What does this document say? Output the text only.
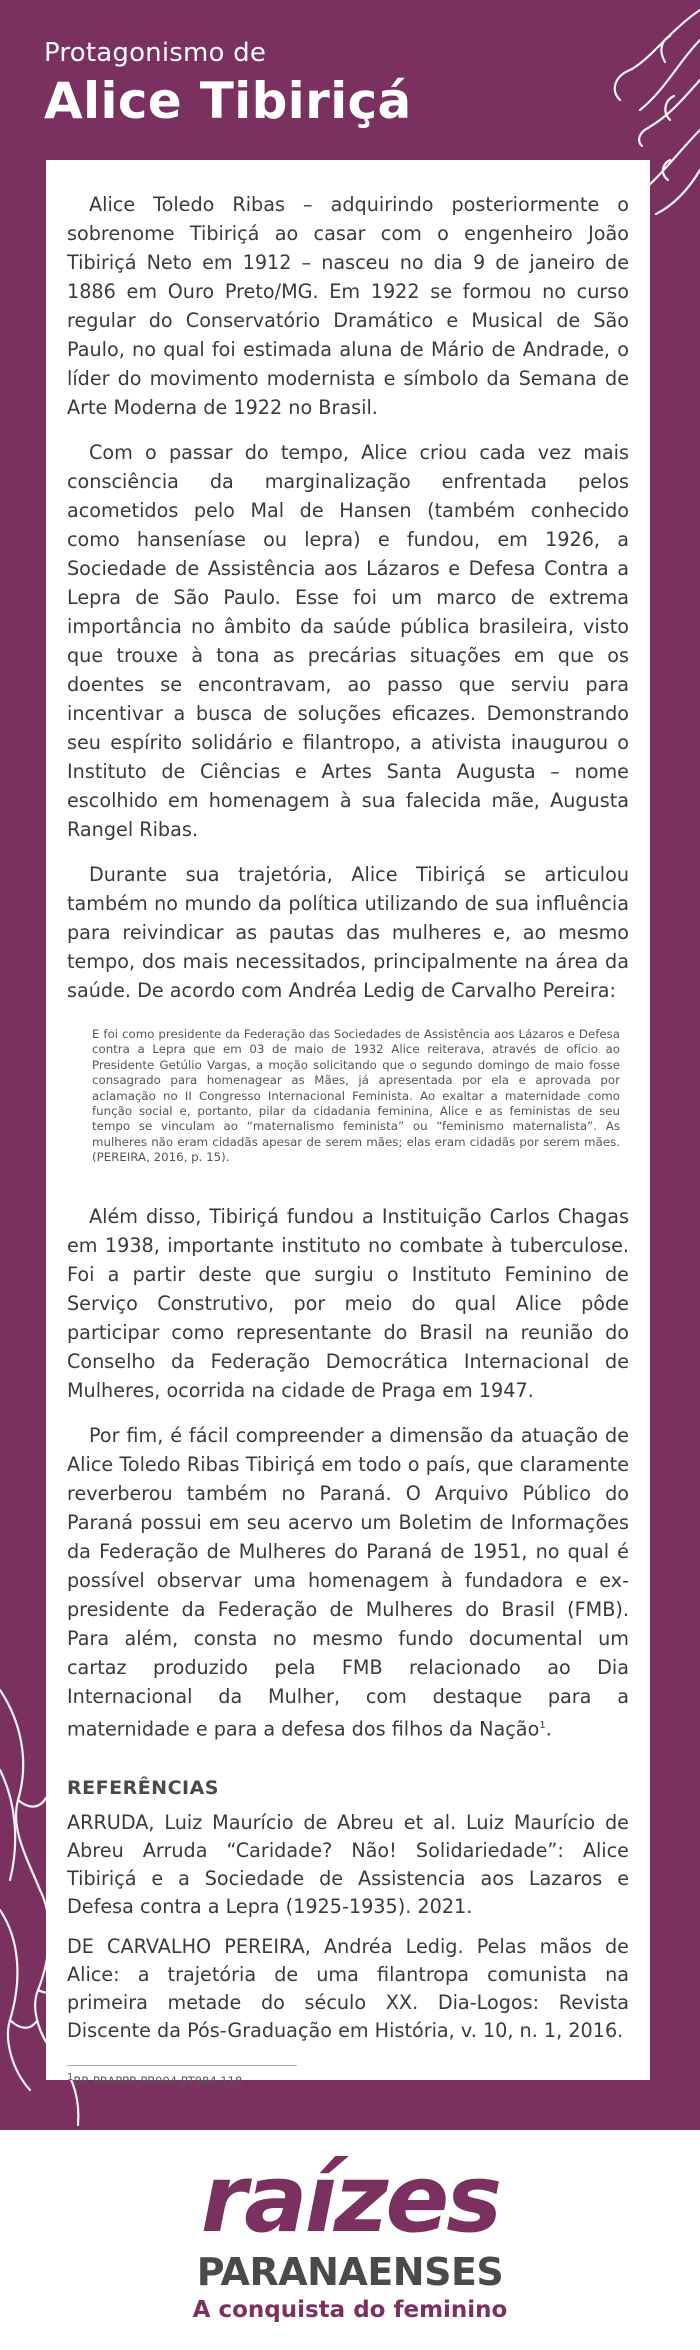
Protagonismo de
Alice Tibiriçá

Alice Toledo Ribas – adquirindo posteriormente o sobrenome Tibiriçá ao casar com o engenheiro João Tibiriçá Neto em 1912 – nasceu no dia 9 de janeiro de 1886 em Ouro Preto/MG. Em 1922 se formou no curso regular do Conservatório Dramático e Musical de São Paulo, no qual foi estimada aluna de Mário de Andrade, o líder do movimento modernista e símbolo da Semana de Arte Moderna de 1922 no Brasil.

Com o passar do tempo, Alice criou cada vez mais consciência da marginalização enfrentada pelos acometidos pelo Mal de Hansen (também conhecido como hanseníase ou lepra) e fundou, em 1926, a Sociedade de Assistência aos Lázaros e Defesa Contra a Lepra de São Paulo. Esse foi um marco de extrema importância no âmbito da saúde pública brasileira, visto que trouxe à tona as precárias situações em que os doentes se encontravam, ao passo que serviu para incentivar a busca de soluções eficazes. Demonstrando seu espírito solidário e filantropo, a ativista inaugurou o Instituto de Ciências e Artes Santa Augusta – nome escolhido em homenagem à sua falecida mãe, Augusta Rangel Ribas.

Durante sua trajetória, Alice Tibiriçá se articulou também no mundo da política utilizando de sua influência para reivindicar as pautas das mulheres e, ao mesmo tempo, dos mais necessitados, principalmente na área da saúde. De acordo com Andréa Ledig de Carvalho Pereira:

E foi como presidente da Federação das Sociedades de Assistência aos Lázaros e Defesa contra a Lepra que em 03 de maio de 1932 Alice reiterava, através de ofício ao Presidente Getúlio Vargas, a moção solicitando que o segundo domingo de maio fosse consagrado para homenagear as Mães, já apresentada por ela e aprovada por aclamação no II Congresso Internacional Feminista. Ao exaltar a maternidade como função social e, portanto, pilar da cidadania feminina, Alice e as feministas de seu tempo se vinculam ao “maternalismo feminista” ou “feminismo maternalista”. As mulheres não eram cidadãs apesar de serem mães; elas eram cidadãs por serem mães. (PEREIRA, 2016, p. 15).

Além disso, Tibiriçá fundou a Instituição Carlos Chagas em 1938, importante instituto no combate à tuberculose. Foi a partir deste que surgiu o Instituto Feminino de Serviço Construtivo, por meio do qual Alice pôde participar como representante do Brasil na reunião do Conselho da Federação Democrática Internacional de Mulheres, ocorrida na cidade de Praga em 1947.

Por fim, é fácil compreender a dimensão da atuação de Alice Toledo Ribas Tibiriçá em todo o país, que claramente reverberou também no Paraná. O Arquivo Público do Paraná possui em seu acervo um Boletim de Informações da Federação de Mulheres do Paraná de 1951, no qual é possível observar uma homenagem à fundadora e ex-presidente da Federação de Mulheres do Brasil (FMB). Para além, consta no mesmo fundo documental um cartaz produzido pela FMB relacionado ao Dia Internacional da Mulher, com destaque para a maternidade e para a defesa dos filhos da Nação$^1$.

REFERÊNCIAS

ARRUDA, Luiz Maurício de Abreu et al. Luiz Maurício de Abreu Arruda “Caridade? Não! Solidariedade”: Alice Tibiriçá e a Sociedade de Assistencia aos Lazaros e Defesa contra a Lepra (1925-1935). 2021.

DE CARVALHO PEREIRA, Andréa Ledig. Pelas mãos de Alice: a trajetória de uma filantropa comunista na primeira metade do século XX. Dia-Logos: Revista Discente da Pós-Graduação em História, v. 10, n. 1, 2016.

$^1$BR PRAPPR.PB004.PT984.118
raízes
PARANAENSES
A conquista do feminino
